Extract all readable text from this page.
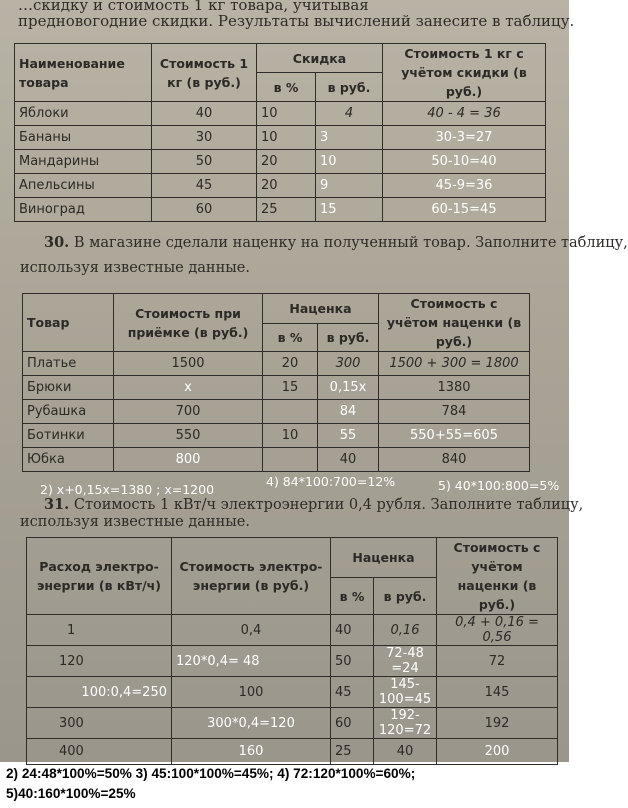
…скидку и стоимость 1 кг товара, учитывая
предновогодние скидки. Результаты вычислений занесите в таблицу.
Наименование товара	Стоимость 1 кг (в руб.)	Скидка		Стоимость 1 кг с учётом скидки (в руб.)
		в %	в руб.	
Яблоки	40	10	4	40 - 4 = 36
Бананы	30	10	3	30-3=27
Мандарины	50	20	10	50-10=40
Апельсины	45	20	9	45-9=36
Виноград	60	25	15	60-15=45
30. В магазине сделали наценку на полученный товар. Заполните таблицу,
используя известные данные.
Товар	Стоимость при приёмке (в руб.)	Наценка		Стоимость с учётом наценки (в руб.)
		в %	в руб.	
Платье	1500	20	300	1500 + 300 = 1800
Брюки	x	15	0,15x	1380
Рубашка	700		84	784
Ботинки	550	10	55	550+55=605
Юбка	800		40	840
2) x+0,15x=1380 ; x=1200
4) 84*100:700=12%	5) 40*100:800=5%
31. Стоимость 1 кВт/ч электроэнергии 0,4 рубля. Заполните таблицу,
используя известные данные.
Расход электро- энергии (в кВт/ч)	Стоимость электро- энергии (в руб.)	Наценка		Стоимость с учётом наценки (в руб.)
		в %	в руб.	
1	0,4	40	0,16	0,4 + 0,16 = 0,56
120	120*0,4= 48	50	72-48 =24	72
100:0,4=250	100	45	145-100=45	145
300	300*0,4=120	60	192-120=72	192
400	160	25	40	200
2) 24:48*100%=50% 3) 45:100*100%=45%; 4) 72:120*100%=60%;
5)40:160*100%=25%
